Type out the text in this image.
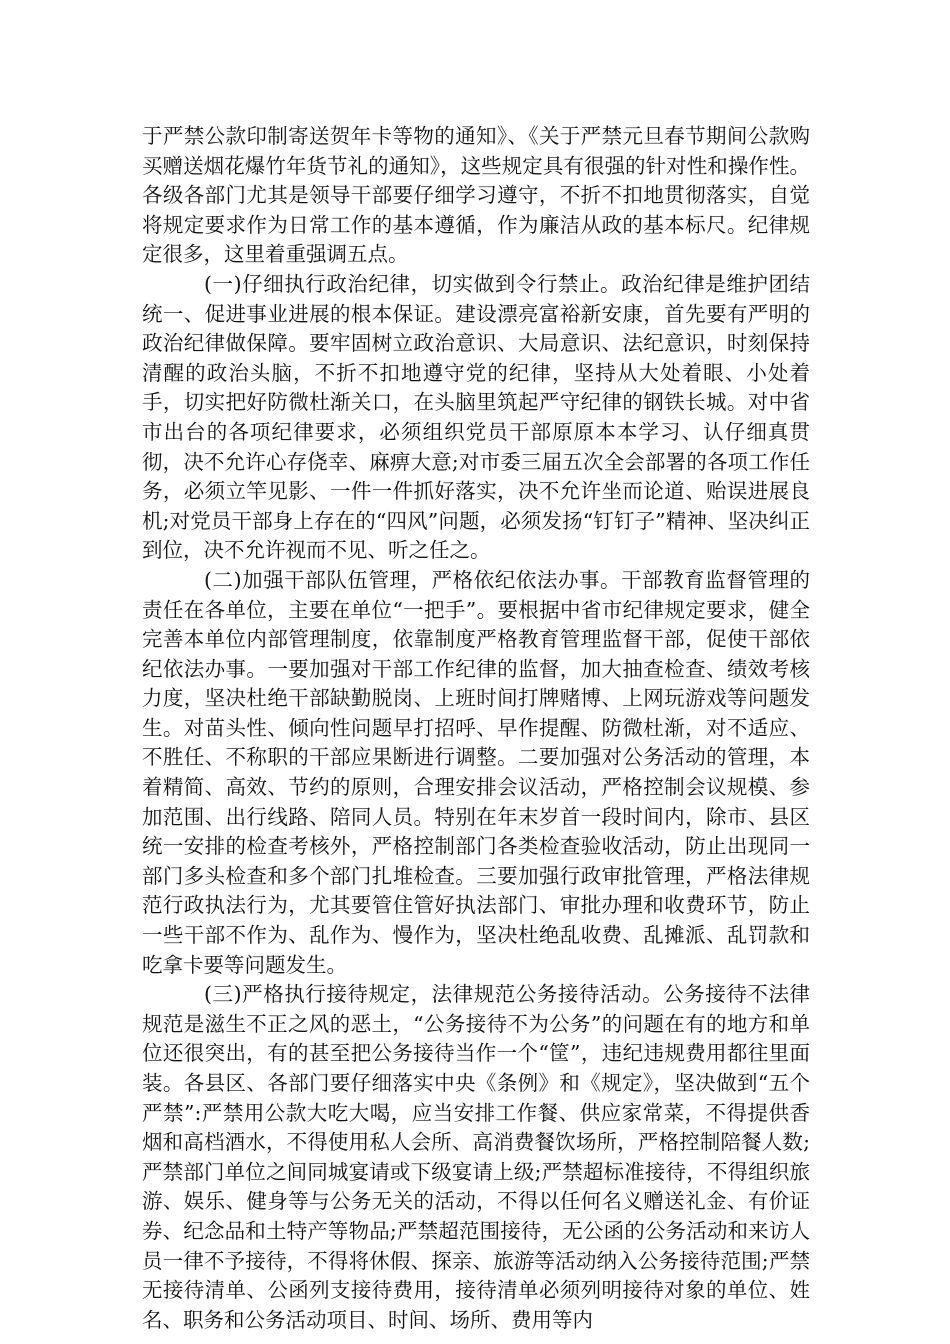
于严禁公款印制寄送贺年卡等物的通知》、《关于严禁元旦春节期间公款购买赠送烟花爆竹年货节礼的通知》，这些规定具有很强的针对性和操作性。各级各部门尤其是领导干部要仔细学习遵守，不折不扣地贯彻落实，自觉将规定要求作为日常工作的基本遵循，作为廉洁从政的基本标尺。纪律规定很多，这里着重强调五点。

(一)仔细执行政治纪律，切实做到令行禁止。政治纪律是维护团结统一、促进事业进展的根本保证。建设漂亮富裕新安康，首先要有严明的政治纪律做保障。要牢固树立政治意识、大局意识、法纪意识，时刻保持清醒的政治头脑，不折不扣地遵守党的纪律，坚持从大处着眼、小处着手，切实把好防微杜渐关口，在头脑里筑起严守纪律的钢铁长城。对中省市出台的各项纪律要求，必须组织党员干部原原本本学习、认仔细真贯彻，决不允许心存侥幸、麻痹大意;对市委三届五次全会部署的各项工作任务，必须立竿见影、一件一件抓好落实，决不允许坐而论道、贻误进展良机;对党员干部身上存在的“四风”问题，必须发扬“钉钉子”精神、坚决纠正到位，决不允许视而不见、听之任之。

(二)加强干部队伍管理，严格依纪依法办事。干部教育监督管理的责任在各单位，主要在单位“一把手”。要根据中省市纪律规定要求，健全完善本单位内部管理制度，依靠制度严格教育管理监督干部，促使干部依纪依法办事。一要加强对干部工作纪律的监督，加大抽查检查、绩效考核力度，坚决杜绝干部缺勤脱岗、上班时间打牌赌博、上网玩游戏等问题发生。对苗头性、倾向性问题早打招呼、早作提醒、防微杜渐，对不适应、不胜任、不称职的干部应果断进行调整。二要加强对公务活动的管理，本着精简、高效、节约的原则，合理安排会议活动，严格控制会议规模、参加范围、出行线路、陪同人员。特别在年末岁首一段时间内，除市、县区统一安排的检查考核外，严格控制部门各类检查验收活动，防止出现同一部门多头检查和多个部门扎堆检查。三要加强行政审批管理，严格法律规范行政执法行为，尤其要管住管好执法部门、审批办理和收费环节，防止一些干部不作为、乱作为、慢作为，坚决杜绝乱收费、乱摊派、乱罚款和吃拿卡要等问题发生。

(三)严格执行接待规定，法律规范公务接待活动。公务接待不法律规范是滋生不正之风的恶土，“公务接待不为公务”的问题在有的地方和单位还很突出，有的甚至把公务接待当作一个“筐”，违纪违规费用都往里面装。各县区、各部门要仔细落实中央《条例》和《规定》，坚决做到“五个严禁”:严禁用公款大吃大喝，应当安排工作餐、供应家常菜，不得提供香烟和高档酒水，不得使用私人会所、高消费餐饮场所，严格控制陪餐人数;严禁部门单位之间同城宴请或下级宴请上级;严禁超标准接待，不得组织旅游、娱乐、健身等与公务无关的活动，不得以任何名义赠送礼金、有价证券、纪念品和土特产等物品;严禁超范围接待，无公函的公务活动和来访人员一律不予接待，不得将休假、探亲、旅游等活动纳入公务接待范围;严禁无接待清单、公函列支接待费用，接待清单必须列明接待对象的单位、姓名、职务和公务活动项目、时间、场所、费用等内
